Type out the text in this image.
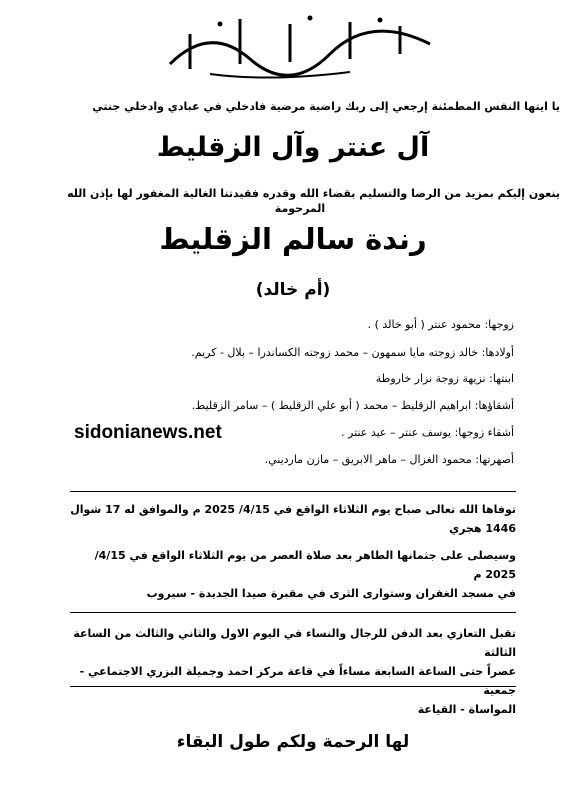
يا ايتها النفس المطمئنة إرجعي إلى ربك راضية مرضية فادخلي في عبادي وادخلي جنتي
آل عنتر وآل الزقليط
ينعون إليكم بمزيد من الرضا والتسليم بقضاء الله وقدره فقيدتنا الغالية المغفور لها بإذن الله
المرحومة
رندة سالم الزقليط
(أم خالد)
زوجها: محمود عنتر ( أبو خالد ) .
أولادها: خالد زوجته مايا سمهون – محمد زوجته الكساندرا – بلال - كريم.
ابنتها: نزيهة زوجة نزار خاروطة
أشقاؤها: ابراهيم الزقليط – محمد ( أبو علي الزقليط ) – سامر الزقليط.
أشقاء زوجها: يوسف عنتر – عيد عنتر .
أصهرتها: محمود الغزال – ماهر الابريق – مازن مارديني.
sidonianews.net
توفاها الله تعالى صباح يوم الثلاثاء الواقع في 4/15/ 2025 م والموافق له 17 شوال
1446 هجري
وسيصلى على جثمانها الطاهر بعد صلاة العصر من يوم الثلاثاء الواقع في 4/15/ 2025 م
في مسجد الغفران وستوارى الثرى في مقبرة صيدا الجديدة - سيروب
تقبل التعازي بعد الدفن للرجال والنساء في اليوم الاول والثاني والثالث من الساعة الثالثة
عصراً حتى الساعة السابعة مساءاً في قاعة مركز احمد وجميلة البزري الاجتماعي - جمعية
المواساة - القياعة
لها الرحمة ولكم طول البقاء
